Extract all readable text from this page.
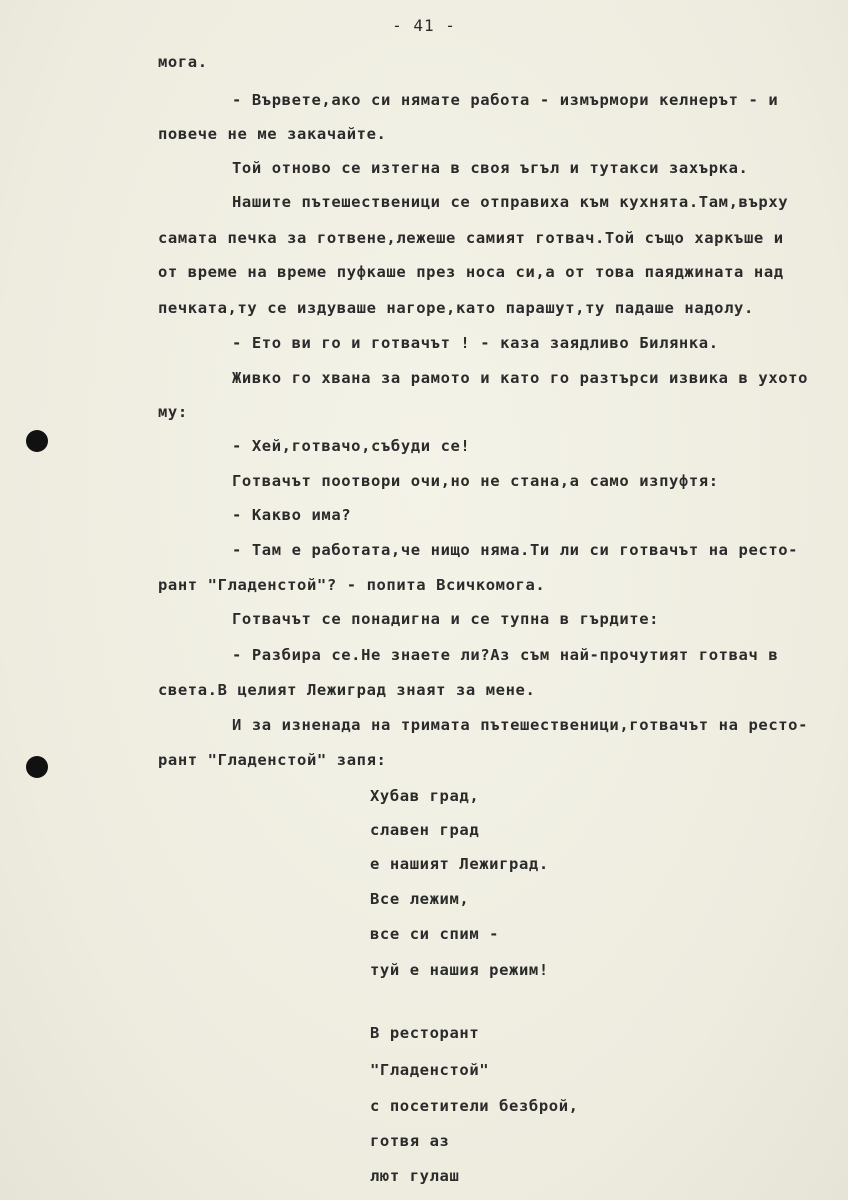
- 41 -
мога.
- Вървете,ако си нямате работа - измърмори келнерът - и
повече не ме закачайте.
Той отново се изтегна в своя ъгъл и тутакси захърка.
Нашите пътешественици се отправиха към кухнята.Там,върху
самата печка за готвене,лежеше самият готвач.Той също харкъше и
от време на време пуфкаше през носа си,а от това паяджината над
печката,ту се издуваше нагоре,като парашут,ту падаше надолу.
- Ето ви го и готвачът ! - каза заядливо Билянка.
Живко го хвана за рамото и като го разтърси извика в ухото
му:
- Хей,готвачо,събуди се!
Готвачът поотвори очи,но не стана,а само изпуфтя:
- Какво има?
- Там е работата,че нищо няма.Ти ли си готвачът на ресто-
рант "Гладенстой"? - попита Всичкомога.
Готвачът се понадигна и се тупна в гърдите:
- Разбира се.Не знаете ли?Аз съм най-прочутият готвач в
света.В целият Лежиград знаят за мене.
И за изненада на тримата пътешественици,готвачът на ресто-
рант "Гладенстой" запя:
Хубав град,
славен град
е нашият Лежиград.
Все лежим,
все си спим -
туй е нашия режим!
В ресторант
"Гладенстой"
с посетители безброй,
готвя аз
лют гулаш
